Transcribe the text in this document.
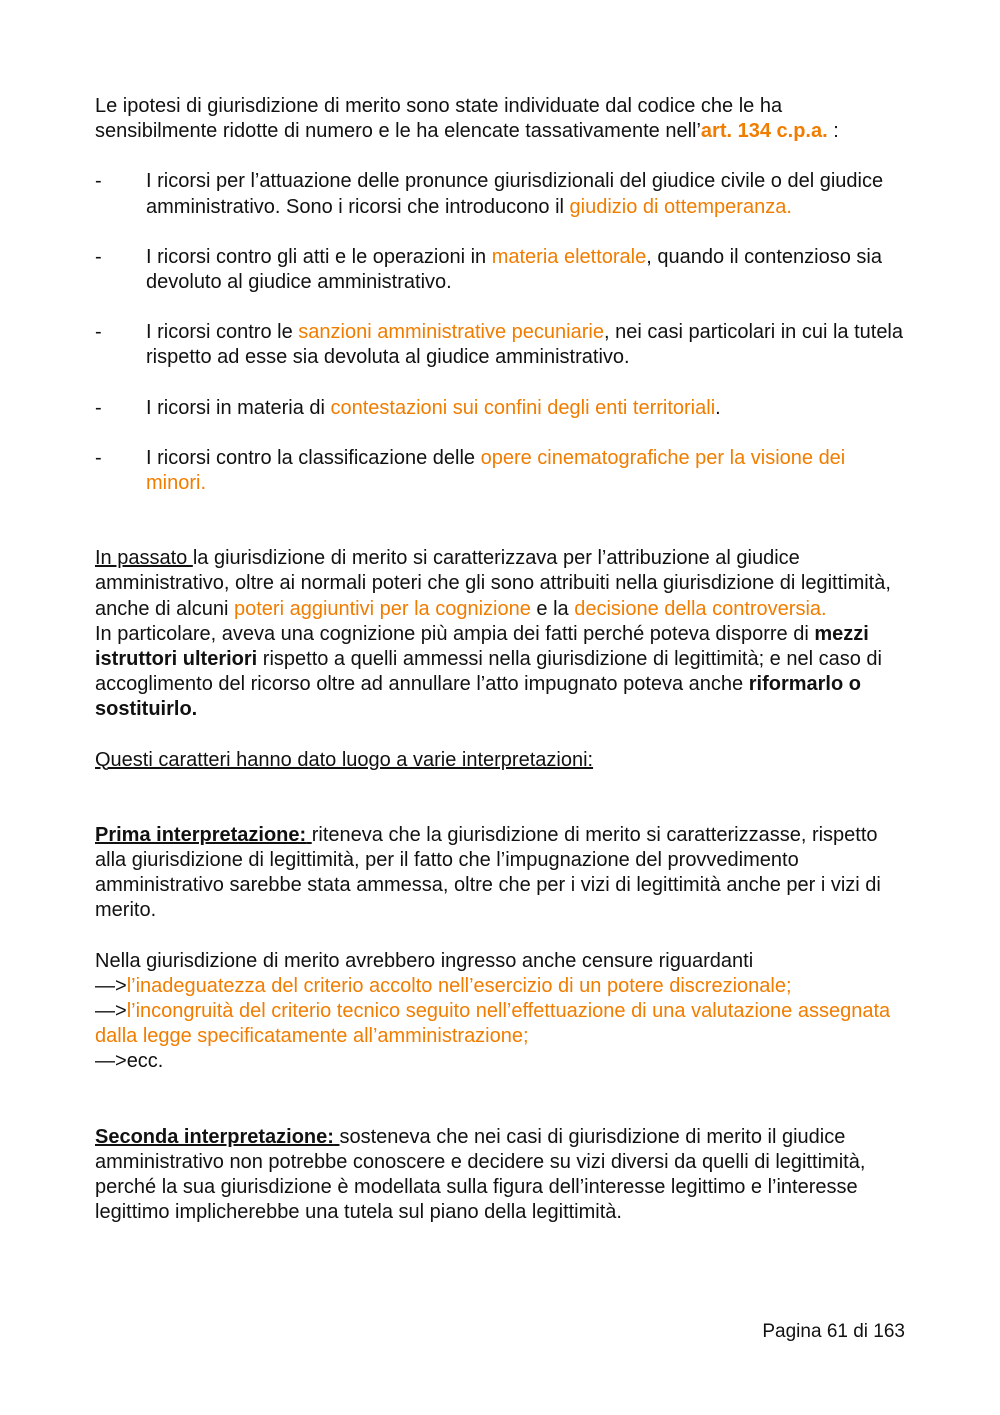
Le ipotesi di giurisdizione di merito sono state individuate dal codice che le ha sensibilmente ridotte di numero e le ha elencate tassativamente nell’art. 134 c.p.a. :

-	I ricorsi per l’attuazione delle pronunce giurisdizionali del giudice civile o del giudice amministrativo. Sono i ricorsi che introducono il giudizio di ottemperanza.
-	I ricorsi contro gli atti e le operazioni in materia elettorale, quando il contenzioso sia devoluto al giudice amministrativo.
-	I ricorsi contro le sanzioni amministrative pecuniarie, nei casi particolari in cui la tutela rispetto ad esse sia devoluta al giudice amministrativo.
-	I ricorsi in materia di contestazioni sui confini degli enti territoriali.
-	I ricorsi contro la classificazione delle opere cinematografiche per la visione dei minori.

In passato la giurisdizione di merito si caratterizzava per l’attribuzione al giudice amministrativo, oltre ai normali poteri che gli sono attribuiti nella giurisdizione di legittimità, anche di alcuni poteri aggiuntivi per la cognizione e la decisione della controversia.

In particolare, aveva una cognizione più ampia dei fatti perché poteva disporre di mezzi istruttori ulteriori rispetto a quelli ammessi nella giurisdizione di legittimità; e nel caso di accoglimento del ricorso oltre ad annullare l’atto impugnato poteva anche riformarlo o sostituirlo.

Questi caratteri hanno dato luogo a varie interpretazioni:

Prima interpretazione: riteneva che la giurisdizione di merito si caratterizzasse, rispetto alla giurisdizione di legittimità, per il fatto che l’impugnazione del provvedimento amministrativo sarebbe stata ammessa, oltre che per i vizi di legittimità anche per i vizi di merito.

Nella giurisdizione di merito avrebbero ingresso anche censure riguardanti

—>l’inadeguatezza del criterio accolto nell’esercizio di un potere discrezionale;

—>l’incongruità del criterio tecnico seguito nell’effettuazione di una valutazione assegnata dalla legge specificatamente all’amministrazione;

—>ecc.

Seconda interpretazione: sosteneva che nei casi di giurisdizione di merito il giudice amministrativo non potrebbe conoscere e decidere su vizi diversi da quelli di legittimità, perché la sua giurisdizione è modellata sulla figura dell’interesse legittimo e l’interesse legittimo implicherebbe una tutela sul piano della legittimità.

Pagina 61 di 163
